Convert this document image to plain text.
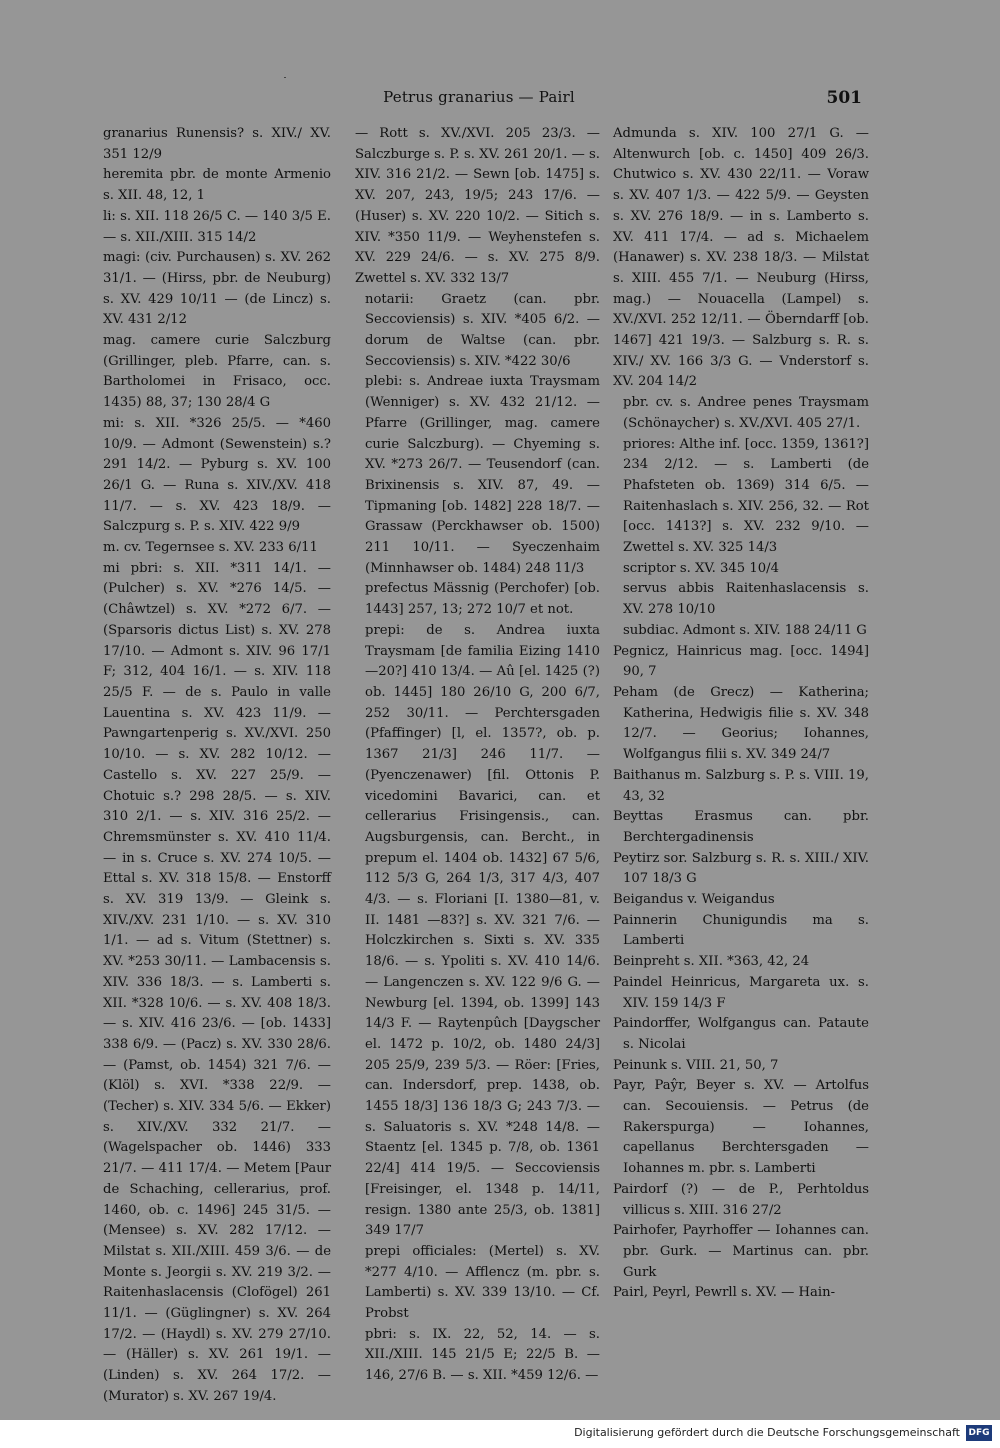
Petrus granarius — Pairl	501

granarius Runensis? s. XIV./ XV. 351 12/9

heremita pbr. de monte Armenio s. XII. 48, 12, 1

li: s. XII. 118 26/5 C. — 140 3/5 E. — s. XII./XIII. 315 14/2

magi: (civ. Purchausen) s. XV. 262 31/1. — (Hirss, pbr. de Neuburg) s. XV. 429 10/11 — (de Lincz) s. XV. 431 2/12

mag. camere curie Salczburg (Grillinger, pleb. Pfarre, can. s. Bartholomei in Frisaco, occ. 1435) 88, 37; 130 28/4 G

mi: s. XII. *326 25/5. — *460 10/9. — Admont (Sewenstein) s.? 291 14/2. — Pyburg s. XV. 100 26/1 G. — Runa s. XIV./XV. 418 11/7. — s. XV. 423 18/9. — Salczpurg s. P. s. XIV. 422 9/9

m. cv. Tegernsee s. XV. 233 6/11

mi pbri: s. XII. *311 14/1. — (Pulcher) s. XV. *276 14/5. — (Châwtzel) s. XV. *272 6/7. — (Sparsoris dictus List) s. XV. 278 17/10. — Admont s. XIV. 96 17/1 F; 312, 404 16/1. — s. XIV. 118 25/5 F. — de s. Paulo in valle Lauentina s. XV. 423 11/9. — Pawngartenperig s. XV./XVI. 250 10/10. — s. XV. 282 10/12. — Castello s. XV. 227 25/9. — Chotuic s.? 298 28/5. — s. XIV. 310 2/1. — s. XIV. 316 25/2. — Chremsmünster s. XV. 410 11/4. — in s. Cruce s. XV. 274 10/5. — Ettal s. XV. 318 15/8. — Enstorff s. XV. 319 13/9. — Gleink s. XIV./XV. 231 1/10. — s. XV. 310 1/1. — ad s. Vitum (Stettner) s. XV. *253 30/11. — Lambacensis s. XIV. 336 18/3. — s. Lamberti s. XII. *328 10/6. — s. XV. 408 18/3. — s. XIV. 416 23/6. — [ob. 1433] 338 6/9. — (Pacz) s. XV. 330 28/6. — (Pamst, ob. 1454) 321 7/6. — (Klöl) s. XVI. *338 22/9. — (Techer) s. XIV. 334 5/6. — Ekker) s. XIV./XV. 332 21/7. — (Wagelspacher ob. 1446) 333 21/7. — 411 17/4. — Metem [Paur de Schaching, cellerarius, prof. 1460, ob. c. 1496] 245 31/5. — (Mensee) s. XV. 282 17/12. — Milstat s. XII./XIII. 459 3/6. — de Monte s. Jeorgii s. XV. 219 3/2. — Raitenhaslacensis (Clofögel) 261 11/1. — (Güglingner) s. XV. 264 17/2. — (Haydl) s. XV. 279 27/10. — (Häller) s. XV. 261 19/1. — (Linden) s. XV. 264 17/2. — (Murator) s. XV. 267 19/4.

— Rott s. XV./XVI. 205 23/3. — Salczburge s. P. s. XV. 261 20/1. — s. XIV. 316 21/2. — Sewn [ob. 1475] s. XV. 207, 243, 19/5; 243 17/6. — (Huser) s. XV. 220 10/2. — Sitich s. XIV. *350 11/9. — Weyhenstefen s. XV. 229 24/6. — s. XV. 275 8/9. Zwettel s. XV. 332 13/7

notarii: Graetz (can. pbr. Seccoviensis) s. XIV. *405 6/2. — dorum de Waltse (can. pbr. Seccoviensis) s. XIV. *422 30/6

plebi: s. Andreae iuxta Traysmam (Wenniger) s. XV. 432 21/12. — Pfarre (Grillinger, mag. camere curie Salczburg). — Chyeming s. XV. *273 26/7. — Teusendorf (can. Brixinensis s. XIV. 87, 49. — Tipmaning [ob. 1482] 228 18/7. — Grassaw (Perckhawser ob. 1500) 211 10/11. — Syeczenhaim (Minnhawser ob. 1484) 248 11/3

prefectus Mässnig (Perchofer) [ob. 1443] 257, 13; 272 10/7 et not.

prepi: de s. Andrea iuxta Traysmam [de familia Eizing 1410—20?] 410 13/4. — Aû [el. 1425 (?) ob. 1445] 180 26/10 G, 200 6/7, 252 30/11. — Perchtersgaden (Pfaffinger) [l, el. 1357?, ob. p. 1367 21/3] 246 11/7. — (Pyenczenawer) [fil. Ottonis P. vicedomini Bavarici, can. et cellerarius Frisingensis., can. Augsburgensis, can. Bercht., in prepum el. 1404 ob. 1432] 67 5/6, 112 5/3 G, 264 1/3, 317 4/3, 407 4/3. — s. Floriani [I. 1380—81, v. II. 1481 —83?] s. XV. 321 7/6. — Holczkirchen s. Sixti s. XV. 335 18/6. — s. Ypoliti s. XV. 410 14/6. — Langenczen s. XV. 122 9/6 G. — Newburg [el. 1394, ob. 1399] 143 14/3 F. — Raytenpûch [Daygscher el. 1472 p. 10/2, ob. 1480 24/3] 205 25/9, 239 5/3. — Röer: [Fries, can. Indersdorf, prep. 1438, ob. 1455 18/3] 136 18/3 G; 243 7/3. — s. Saluatoris s. XV. *248 14/8. — Staentz [el. 1345 p. 7/8, ob. 1361 22/4] 414 19/5. — Seccoviensis [Freisinger, el. 1348 p. 14/11, resign. 1380 ante 25/3, ob. 1381] 349 17/7

prepi officiales: (Mertel) s. XV. *277 4/10. — Afflencz (m. pbr. s. Lamberti) s. XV. 339 13/10. — Cf. Probst

pbri: s. IX. 22, 52, 14. — s. XII./XIII. 145 21/5 E; 22/5 B. — 146, 27/6 B. — s. XII. *459 12/6. —

Admunda s. XIV. 100 27/1 G. — Altenwurch [ob. c. 1450] 409 26/3. Chutwico s. XV. 430 22/11. — Voraw s. XV. 407 1/3. — 422 5/9. — Geysten s. XV. 276 18/9. — in s. Lamberto s. XV. 411 17/4. — ad s. Michaelem (Hanawer) s. XV. 238 18/3. — Milstat s. XIII. 455 7/1. — Neuburg (Hirss, mag.) — Nouacella (Lampel) s. XV./XVI. 252 12/11. — Öberndarff [ob. 1467] 421 19/3. — Salzburg s. R. s. XIV./ XV. 166 3/3 G. — Vnderstorf s. XV. 204 14/2

pbr. cv. s. Andree penes Traysmam (Schönaycher) s. XV./XVI. 405 27/1.

priores: Althe inf. [occ. 1359, 1361?] 234 2/12. — s. Lamberti (de Phafsteten ob. 1369) 314 6/5. — Raitenhaslach s. XIV. 256, 32. — Rot [occ. 1413?] s. XV. 232 9/10. — Zwettel s. XV. 325 14/3

scriptor s. XV. 345 10/4

servus abbis Raitenhaslacensis s. XV. 278 10/10

subdiac. Admont s. XIV. 188 24/11 G

Pegnicz, Hainricus mag. [occ. 1494] 90, 7

Peham (de Grecz) — Katherina; Katherina, Hedwigis filie s. XV. 348 12/7. — Georius; Iohannes, Wolfgangus filii s. XV. 349 24/7

Baithanus m. Salzburg s. P. s. VIII. 19, 43, 32

Beyttas Erasmus can. pbr. Berchtergadinensis

Peytirz sor. Salzburg s. R. s. XIII./ XIV. 107 18/3 G

Beigandus v. Weigandus

Painnerin Chunigundis ma s. Lamberti

Beinpreht s. XII. *363, 42, 24

Paindel Heinricus, Margareta ux. s. XIV. 159 14/3 F

Paindorffer, Wolfgangus can. Pataute s. Nicolai

Peinunk s. VIII. 21, 50, 7

Payr, Paŷr, Beyer s. XV. — Artolfus can. Secouiensis. — Petrus (de Rakerspurga) — Iohannes, capellanus Berchtersgaden — Iohannes m. pbr. s. Lamberti

Pairdorf (?) — de P., Perhtoldus villicus s. XIII. 316 27/2

Pairhofer, Payrhoffer — Iohannes can. pbr. Gurk. — Martinus can. pbr. Gurk

Pairl, Peyrl, Pewrll s. XV. — Hain-

Digitalisierung gefördert durch die Deutsche Forschungsgemeinschaft DFG
